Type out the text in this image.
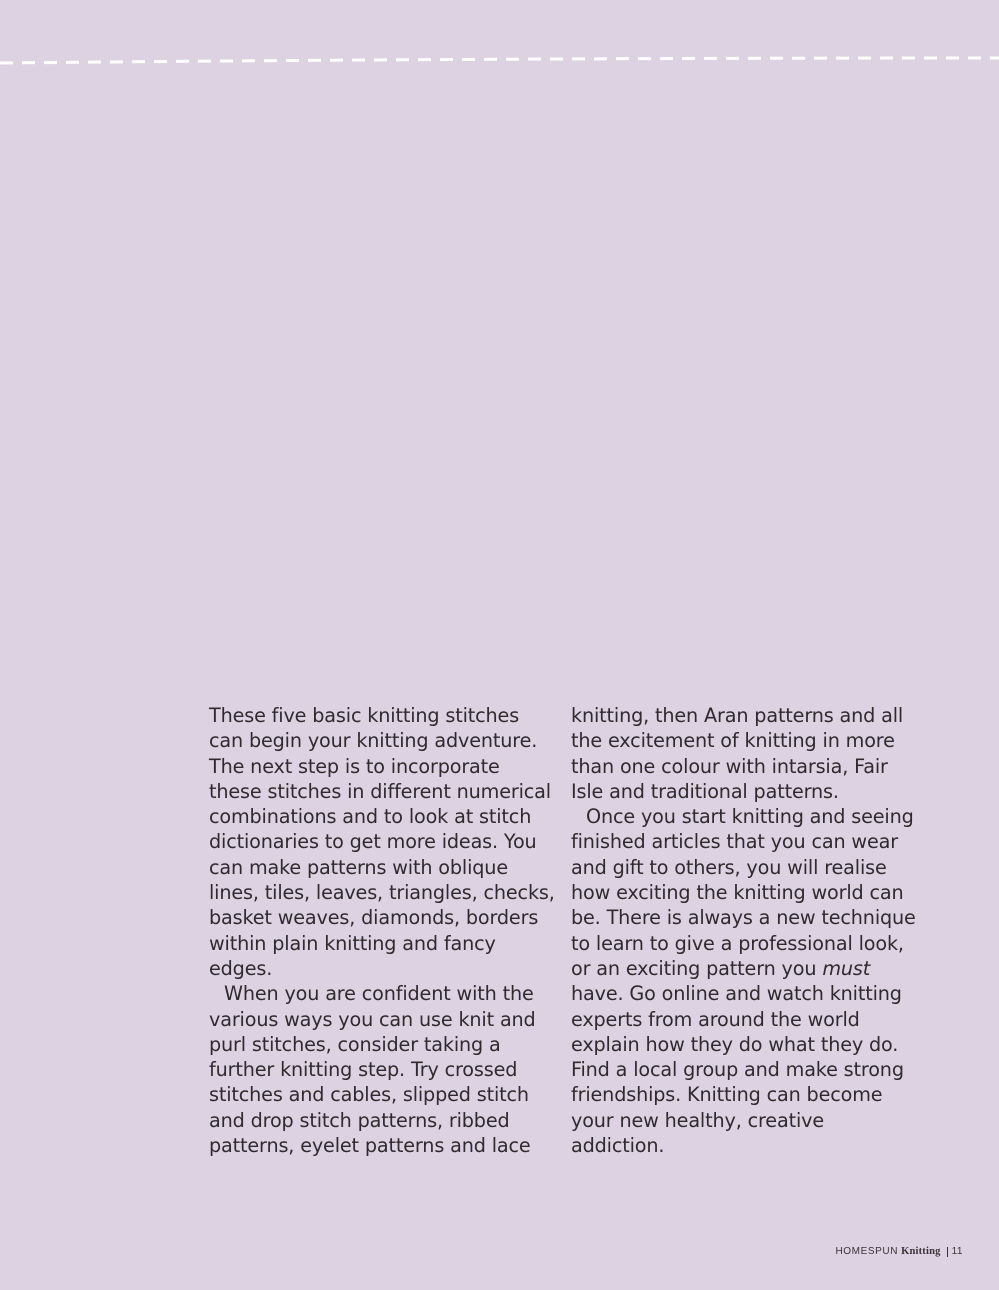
These five basic knitting stitches can begin your knitting adventure. The next step is to incorporate these stitches in different numerical combinations and to look at stitch dictionaries to get more ideas. You can make patterns with oblique lines, tiles, leaves, triangles, checks, basket weaves, diamonds, borders within plain knitting and fancy edges.

When you are confident with the various ways you can use knit and purl stitches, consider taking a further knitting step. Try crossed stitches and cables, slipped stitch and drop stitch patterns, ribbed patterns, eyelet patterns and lace

knitting, then Aran patterns and all the excitement of knitting in more than one colour with intarsia, Fair Isle and traditional patterns.

Once you start knitting and seeing finished articles that you can wear and gift to others, you will realise how exciting the knitting world can be. There is always a new technique to learn to give a professional look, or an exciting pattern you must have. Go online and watch knitting experts from around the world explain how they do what they do. Find a local group and make strong friendships. Knitting can become your new healthy, creative addiction.

HOMESPUN Knitting 11
